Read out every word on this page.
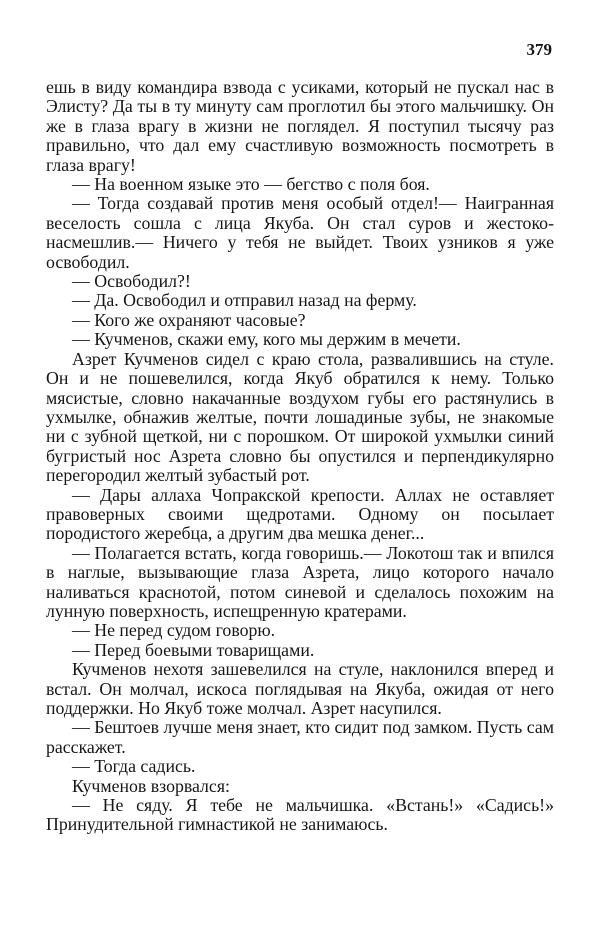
379

ешь в виду командира взвода с усиками, который не пускал нас в Элисту? Да ты в ту минуту сам проглотил бы этого мальчишку. Он же в глаза врагу в жизни не поглядел. Я поступил тысячу раз правильно, что дал ему счастливую возможность посмотреть в глаза врагу!

— На военном языке это — бегство с поля боя.

— Тогда создавай против меня особый отдел!— Наигранная веселость сошла с лица Якуба. Он стал суров и жестоко-насмешлив.— Ничего у тебя не выйдет. Твоих узников я уже освободил.

— Освободил?!

— Да. Освободил и отправил назад на ферму.

— Кого же охраняют часовые?

— Кучменов, скажи ему, кого мы держим в мечети.

Азрет Кучменов сидел с краю стола, развалившись на стуле. Он и не пошевелился, когда Якуб обратился к нему. Только мясистые, словно накачанные воздухом губы его растянулись в ухмылке, обнажив желтые, почти лошадиные зубы, не знакомые ни с зубной щеткой, ни с порошком. От широкой ухмылки синий бугристый нос Азрета словно бы опустился и перпендикулярно перегородил желтый зубастый рот.

— Дары аллаха Чопракской крепости. Аллах не оставляет правоверных своими щедротами. Одному он посылает породистого жеребца, а другим два мешка денег...

— Полагается встать, когда говоришь.— Локотош так и впился в наглые, вызывающие глаза Азрета, лицо которого начало наливаться краснотой, потом синевой и сделалось похожим на лунную поверхность, испещренную кратерами.

— Не перед судом говорю.

— Перед боевыми товарищами.

Кучменов нехотя зашевелился на стуле, наклонился вперед и встал. Он молчал, искоса поглядывая на Якуба, ожидая от него поддержки. Но Якуб тоже молчал. Азрет насупился.

— Бештоев лучше меня знает, кто сидит под замком. Пусть сам расскажет.

— Тогда садись.

Кучменов взорвался:

— Не сяду. Я тебе не мальчишка. «Встань!» «Садись!» Принудительной гимнастикой не занимаюсь.
